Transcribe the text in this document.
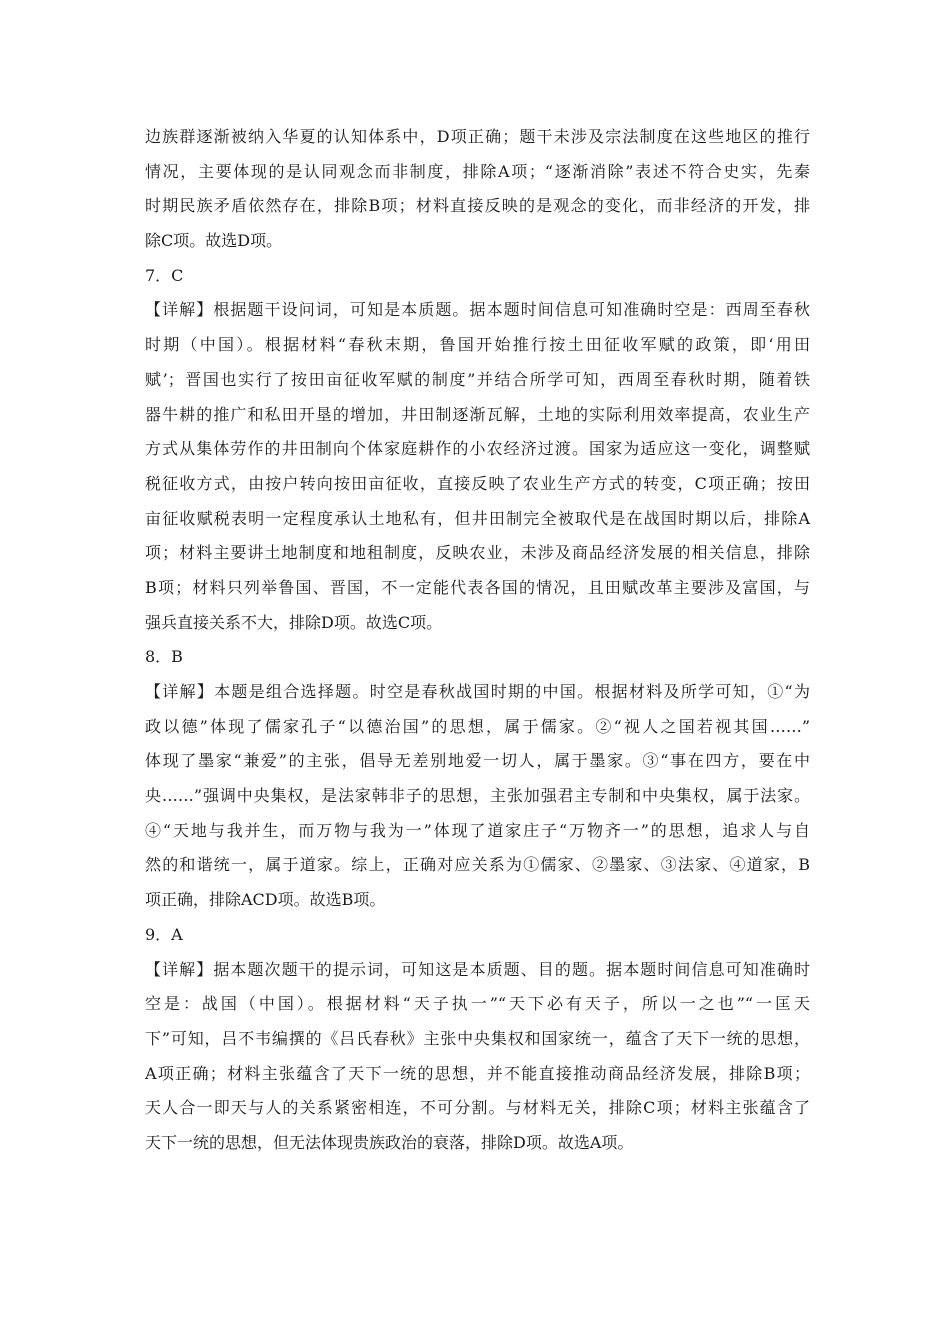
边族群逐渐被纳入华夏的认知体系中，D项正确；题干未涉及宗法制度在这些地区的推行
情况，主要体现的是认同观念而非制度，排除A项；“逐渐消除”表述不符合史实，先秦
时期民族矛盾依然存在，排除B项；材料直接反映的是观念的变化，而非经济的开发，排
除C项。故选D项。
7．C
【详解】根据题干设问词，可知是本质题。据本题时间信息可知准确时空是：西周至春秋
时期（中国）。根据材料“春秋末期，鲁国开始推行按土田征收军赋的政策，即‘用田
赋’；晋国也实行了按田亩征收军赋的制度”并结合所学可知，西周至春秋时期，随着铁
器牛耕的推广和私田开垦的增加，井田制逐渐瓦解，土地的实际利用效率提高，农业生产
方式从集体劳作的井田制向个体家庭耕作的小农经济过渡。国家为适应这一变化，调整赋
税征收方式，由按户转向按田亩征收，直接反映了农业生产方式的转变，C项正确；按田
亩征收赋税表明一定程度承认土地私有，但井田制完全被取代是在战国时期以后，排除A
项；材料主要讲土地制度和地租制度，反映农业，未涉及商品经济发展的相关信息，排除
B项；材料只列举鲁国、晋国，不一定能代表各国的情况，且田赋改革主要涉及富国，与
强兵直接关系不大，排除D项。故选C项。
8．B
【详解】本题是组合选择题。时空是春秋战国时期的中国。根据材料及所学可知，①“为
政以德”体现了儒家孔子“以德治国”的思想，属于儒家。②“视人之国若视其国……”
体现了墨家“兼爱”的主张，倡导无差别地爱一切人，属于墨家。③“事在四方，要在中
央……”强调中央集权，是法家韩非子的思想，主张加强君主专制和中央集权，属于法家。
④“天地与我并生，而万物与我为一”体现了道家庄子“万物齐一”的思想，追求人与自
然的和谐统一，属于道家。综上，正确对应关系为①儒家、②墨家、③法家、④道家，B
项正确，排除ACD项。故选B项。
9．A
【详解】据本题次题干的提示词，可知这是本质题、目的题。据本题时间信息可知准确时
空是：战国（中国）。根据材料“天子执一”“天下必有天子，所以一之也”“一匡天
下”可知，吕不韦编撰的《吕氏春秋》主张中央集权和国家统一，蕴含了天下一统的思想，
A项正确；材料主张蕴含了天下一统的思想，并不能直接推动商品经济发展，排除B项；
天人合一即天与人的关系紧密相连，不可分割。与材料无关，排除C项；材料主张蕴含了
天下一统的思想，但无法体现贵族政治的衰落，排除D项。故选A项。
